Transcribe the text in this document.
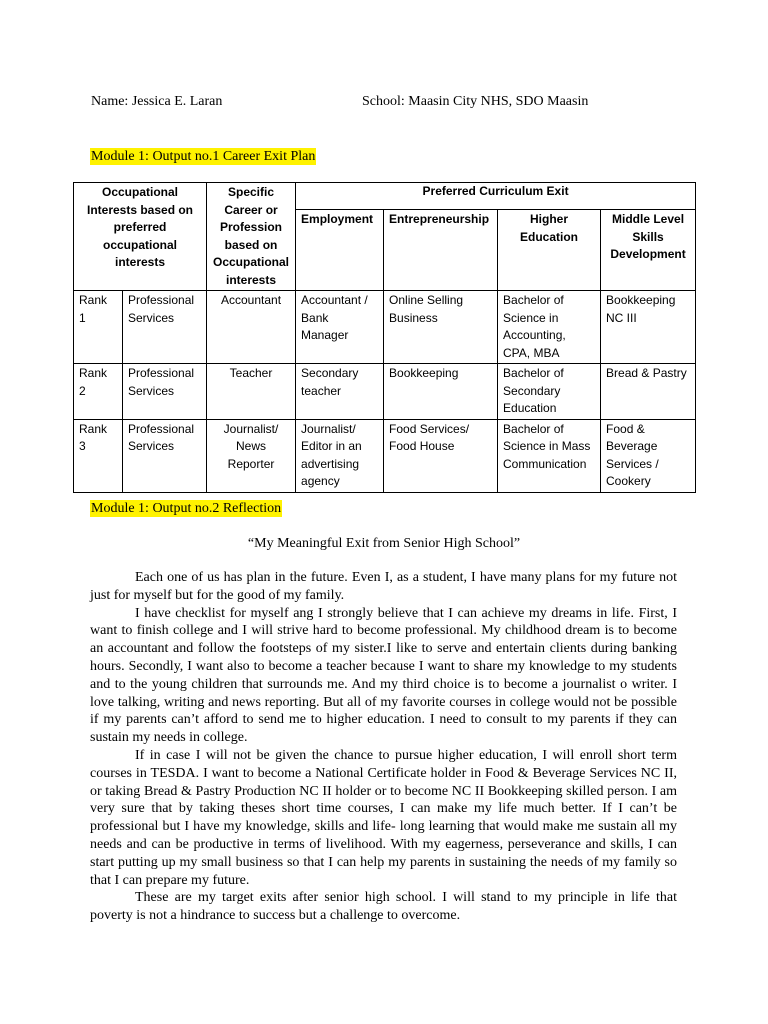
Name: Jessica E. Laran	School: Maasin City NHS, SDO Maasin
Module 1: Output no.1 Career Exit Plan
Occupational Interests based on preferred occupational interests		Specific Career or Profession based on Occupational interests	Preferred Curriculum Exit			
			Employment	Entrepreneurship	Higher Education	Middle Level Skills Development
Rank 1	Professional Services	Accountant	Accountant / Bank Manager	Online Selling Business	Bachelor of Science in Accounting, CPA, MBA	Bookkeeping NC III
Rank 2	Professional Services	Teacher	Secondary teacher	Bookkeeping	Bachelor of Secondary Education	Bread & Pastry
Rank 3	Professional Services	Journalist/ News Reporter	Journalist/ Editor in an advertising agency	Food Services/ Food House	Bachelor of Science in Mass Communication	Food & Beverage Services / Cookery
Module 1: Output no.2 Reflection
“My Meaningful Exit from Senior High School”

Each one of us has plan in the future. Even I, as a student, I have many plans for my future not just for myself but for the good of my family.

I have checklist for myself ang I strongly believe that I can achieve my dreams in life. First, I want to finish college and I will strive hard to become professional. My childhood dream is to become an accountant and follow the footsteps of my sister.I like to serve and entertain clients during banking hours. Secondly, I want also to become a teacher because I want to share my knowledge to my students and to the young children that surrounds me. And my third choice is to become a journalist o writer. I love talking, writing and news reporting. But all of my favorite courses in college would not be possible if my parents can’t afford to send me to higher education. I need to consult to my parents if they can sustain my needs in college.

If in case I will not be given the chance to pursue higher education, I will enroll short term courses in TESDA. I want to become a National Certificate holder in Food & Beverage Services NC II, or taking Bread & Pastry Production NC II holder or to become NC II Bookkeeping skilled person. I am very sure that by taking theses short time courses, I can make my life much better. If I can’t be professional but I have my knowledge, skills and life- long learning that would make me sustain all my needs and can be productive in terms of livelihood. With my eagerness, perseverance and skills, I can start putting up my small business so that I can help my parents in sustaining the needs of my family so that I can prepare my future.

These are my target exits after senior high school. I will stand to my principle in life that poverty is not a hindrance to success but a challenge to overcome.
